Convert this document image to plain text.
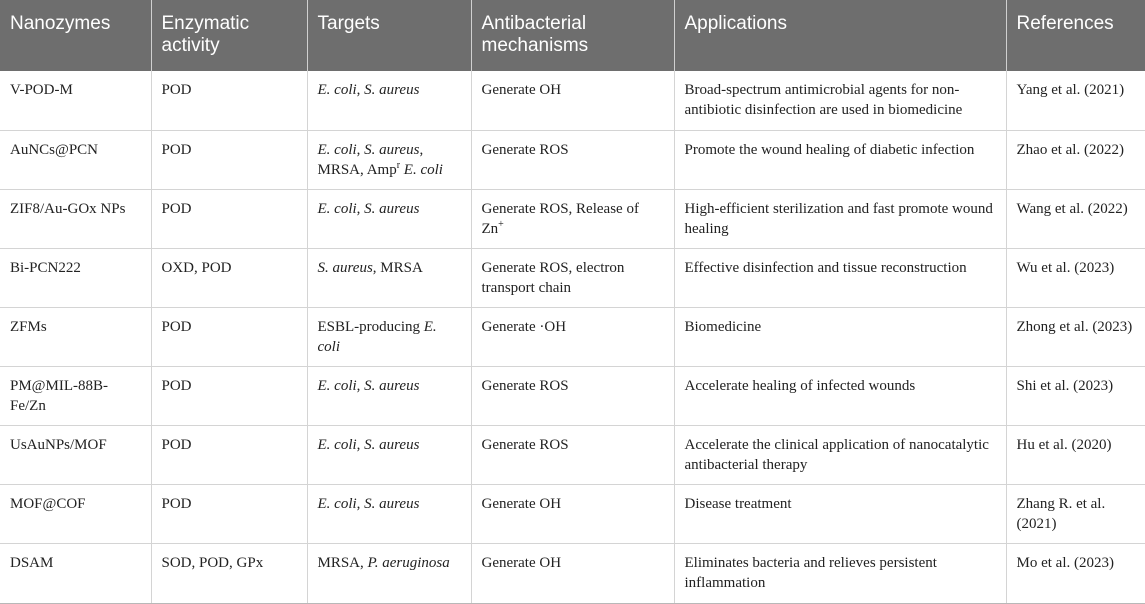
Nanozymes	Enzymatic activity	Targets	Antibacterial mechanisms	Applications	References
V-POD-M	POD	E. coli, S. aureus	Generate OH	Broad-spectrum antimicrobial agents for non-antibiotic disinfection are used in biomedicine	Yang et al. (2021)
AuNCs@PCN	POD	E. coli, S. aureus, MRSA, Amp$^r$ E. coli	Generate ROS	Promote the wound healing of diabetic infection	Zhao et al. (2022)
ZIF8/Au-GOx NPs	POD	E. coli, S. aureus	Generate ROS, Release of Zn+	High-efficient sterilization and fast promote wound healing	Wang et al. (2022)
Bi-PCN222	OXD, POD	S. aureus, MRSA	Generate ROS, electron transport chain	Effective disinfection and tissue reconstruction	Wu et al. (2023)
ZFMs	POD	ESBL-producing E. coli	Generate ·OH	Biomedicine	Zhong et al. (2023)
PM@MIL-88B-Fe/Zn	POD	E. coli, S. aureus	Generate ROS	Accelerate healing of infected wounds	Shi et al. (2023)
UsAuNPs/MOF	POD	E. coli, S. aureus	Generate ROS	Accelerate the clinical application of nanocatalytic antibacterial therapy	Hu et al. (2020)
MOF@COF	POD	E. coli, S. aureus	Generate OH	Disease treatment	Zhang R. et al. (2021)
DSAM	SOD, POD, GPx	MRSA, P. aeruginosa	Generate OH	Eliminates bacteria and relieves persistent inflammation	Mo et al. (2023)
